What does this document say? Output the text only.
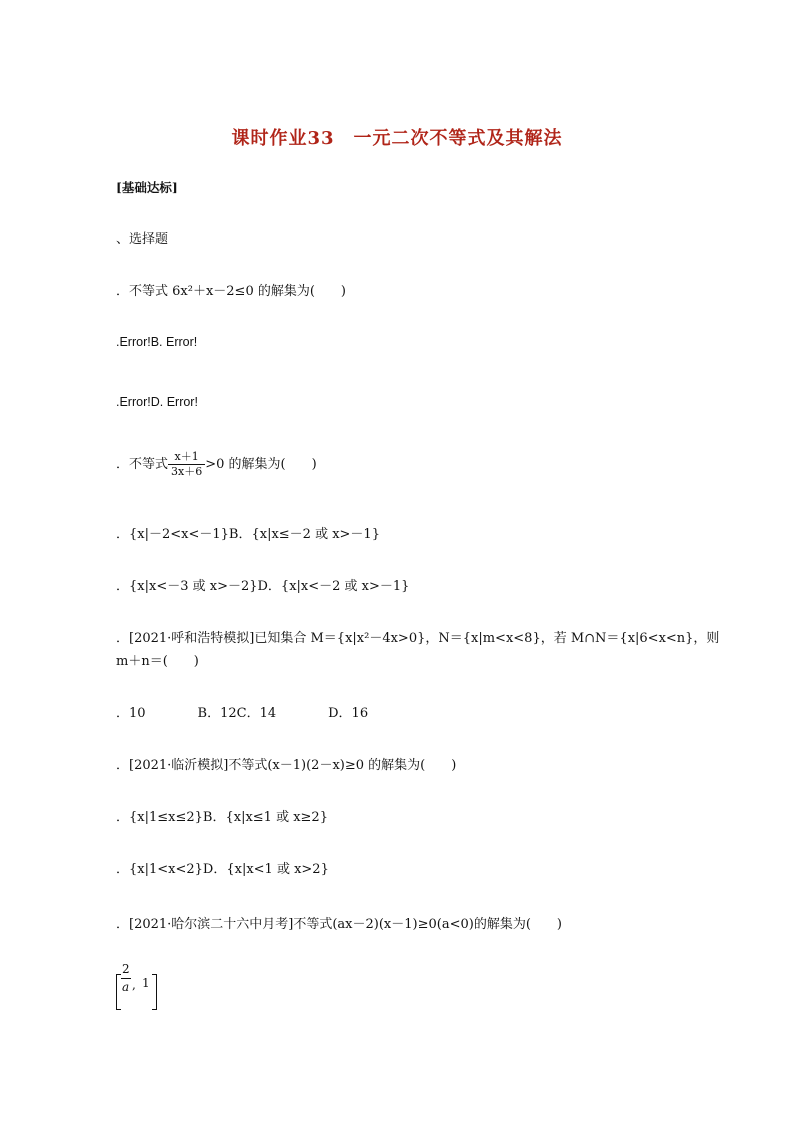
课时作业33　一元二次不等式及其解法
[基础达标]
、选择题
．不等式 6x²＋x－2≤0 的解集为(　　)
.Error!B. Error!
.Error!D. Error!
．不等式 $\frac{x+1}{3x+6} >0$ 的解集为(　　)
．{x|－2<x<－1}B．{x|x≤－2 或 x>－1}
．{x|x<－3 或 x>－2}D．{x|x<－2 或 x>－1}
．[2021·呼和浩特模拟]已知集合 M＝{x|x²－4x>0}，N＝{x|m<x<8}，若 M∩N＝{x|6<x<n}，则
m＋n＝(　　)
．10　　　　B．12C．14　　　　D．16
．[2021·临沂模拟]不等式(x－1)(2－x)≥0 的解集为(　　)
．{x|1≤x≤2}B．{x|x≤1 或 x≥2}
．{x|1<x<2}D．{x|x<1 或 x>2}
．[2021·哈尔滨二十六中月考]不等式(ax－2)(x－1)≥0(a<0)的解集为(　　)
2
a , 1
